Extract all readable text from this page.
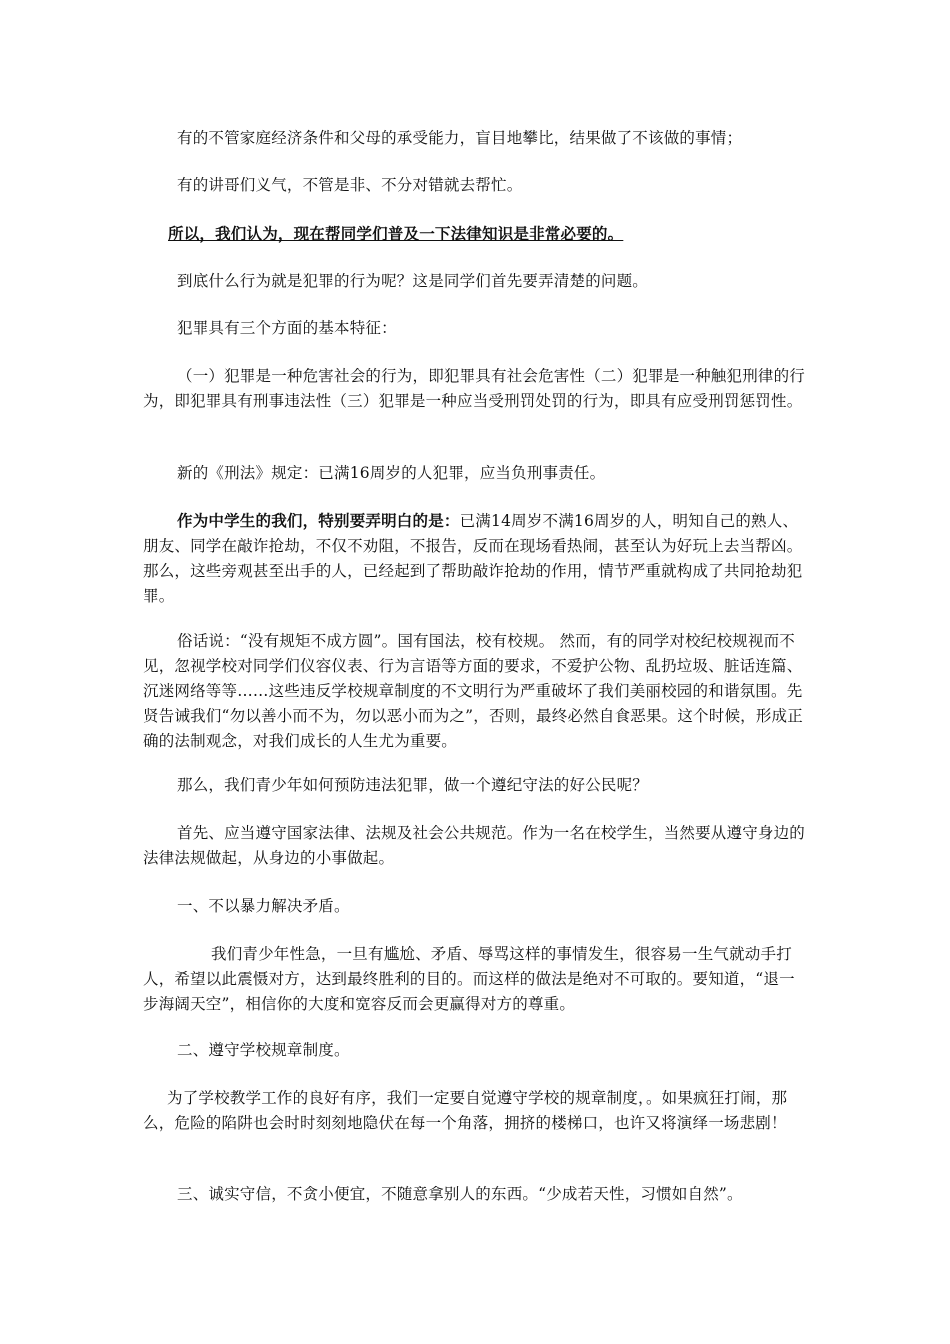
有的不管家庭经济条件和父母的承受能力，盲目地攀比，结果做了不该做的事情；

有的讲哥们义气，不管是非、不分对错就去帮忙。

所以，我们认为，现在帮同学们普及一下法律知识是非常必要的。

到底什么行为就是犯罪的行为呢？这是同学们首先要弄清楚的问题。

犯罪具有三个方面的基本特征：

（一）犯罪是一种危害社会的行为，即犯罪具有社会危害性（二）犯罪是一种触犯刑律的行为，即犯罪具有刑事违法性（三）犯罪是一种应当受刑罚处罚的行为，即具有应受刑罚惩罚性。

新的《刑法》规定：已满16周岁的人犯罪，应当负刑事责任。

作为中学生的我们，特别要弄明白的是：已满14周岁不满16周岁的人，明知自己的熟人、朋友、同学在敲诈抢劫，不仅不劝阻，不报告，反而在现场看热闹，甚至认为好玩上去当帮凶。那么，这些旁观甚至出手的人，已经起到了帮助敲诈抢劫的作用，情节严重就构成了共同抢劫犯罪。

俗话说：“没有规矩不成方圆”。国有国法，校有校规。 然而，有的同学对校纪校规视而不见，忽视学校对同学们仪容仪表、行为言语等方面的要求，不爱护公物、乱扔垃圾、脏话连篇、沉迷网络等等……这些违反学校规章制度的不文明行为严重破坏了我们美丽校园的和谐氛围。先贤告诫我们“勿以善小而不为，勿以恶小而为之”，否则，最终必然自食恶果。这个时候，形成正确的法制观念，对我们成长的人生尤为重要。

那么，我们青少年如何预防违法犯罪，做一个遵纪守法的好公民呢？

首先、应当遵守国家法律、法规及社会公共规范。作为一名在校学生，当然要从遵守身边的法律法规做起，从身边的小事做起。

一、不以暴力解决矛盾。

我们青少年性急，一旦有尴尬、矛盾、辱骂这样的事情发生，很容易一生气就动手打人，希望以此震慑对方，达到最终胜利的目的。而这样的做法是绝对不可取的。要知道，“退一步海阔天空”，相信你的大度和宽容反而会更赢得对方的尊重。

二、遵守学校规章制度。

为了学校教学工作的良好有序，我们一定要自觉遵守学校的规章制度，。如果疯狂打闹，那么，危险的陷阱也会时时刻刻地隐伏在每一个角落，拥挤的楼梯口，也许又将演绎一场悲剧！

三、诚实守信，不贪小便宜，不随意拿别人的东西。“少成若天性，习惯如自然”。
